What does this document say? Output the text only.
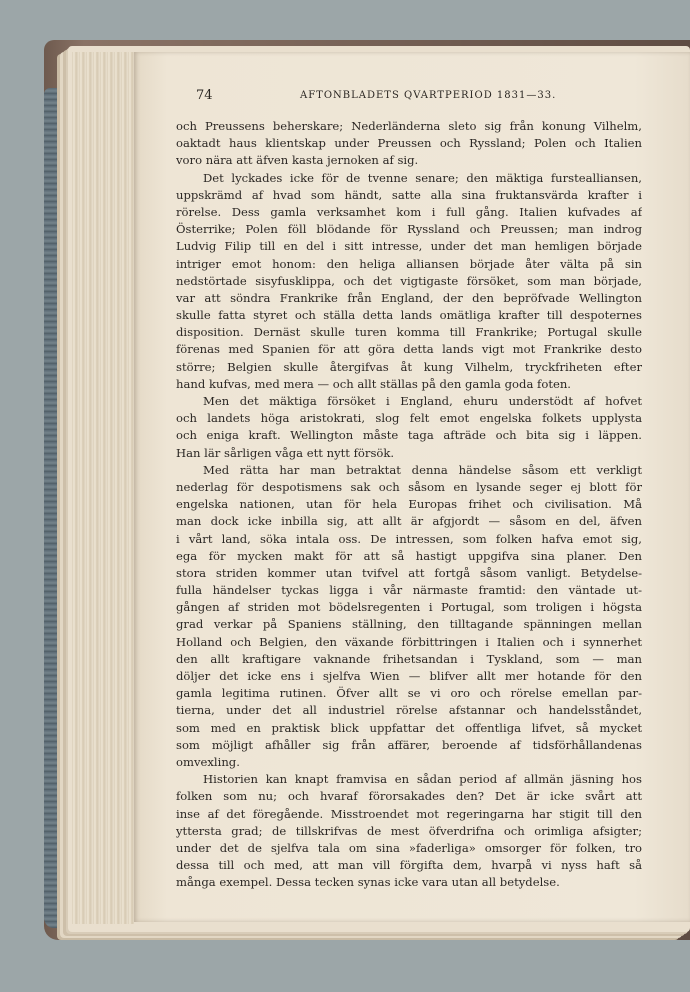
74	AFTONBLADETS QVARTPERIOD 1831—33.
och Preussens beherskare; Nederländerna sleto sig från konung Vilhelm,
oaktadt haus klientskap under Preussen och Ryssland; Polen och Italien
voro nära att äfven kasta jernoken af sig.
Det lyckades icke för de tvenne senare; den mäktiga furstealliansen,
uppskrämd af hvad som händt, satte alla sina fruktansvärda krafter i
rörelse. Dess gamla verksamhet kom i full gång. Italien kufvades af
Österrike; Polen föll blödande för Ryssland och Preussen; man indrog
Ludvig Filip till en del i sitt intresse, under det man hemligen började
intriger emot honom: den heliga alliansen började åter välta på sin
nedstörtade sisyfusklippa, och det vigtigaste försöket, som man började,
var att söndra Frankrike från England, der den bepröfvade Wellington
skulle fatta styret och ställa detta lands omätliga krafter till despoternes
disposition. Dernäst skulle turen komma till Frankrike; Portugal skulle
förenas med Spanien för att göra detta lands vigt mot Frankrike desto
större; Belgien skulle återgifvas åt kung Vilhelm, tryckfriheten efter
hand kufvas, med mera — och allt ställas på den gamla goda foten.
Men det mäktiga försöket i England, ehuru understödt af hofvet
och landets höga aristokrati, slog felt emot engelska folkets upplysta
och eniga kraft. Wellington måste taga afträde och bita sig i läppen.
Han lär sårligen våga ett nytt försök.
Med rätta har man betraktat denna händelse såsom ett verkligt
nederlag för despotismens sak och såsom en lysande seger ej blott för
engelska nationen, utan för hela Europas frihet och civilisation. Må
man dock icke inbilla sig, att allt är afgjordt — såsom en del, äfven
i vårt land, söka intala oss. De intressen, som folken hafva emot sig,
ega för mycken makt för att så hastigt uppgifva sina planer. Den
stora striden kommer utan tvifvel att fortgå såsom vanligt. Betydelse-
fulla händelser tyckas ligga i vår närmaste framtid: den väntade ut-
gången af striden mot bödelsregenten i Portugal, som troligen i högsta
grad verkar på Spaniens ställning, den tilltagande spänningen mellan
Holland och Belgien, den växande förbittringen i Italien och i synnerhet
den allt kraftigare vaknande frihetsandan i Tyskland, som — man
döljer det icke ens i sjelfva Wien — blifver allt mer hotande för den
gamla legitima rutinen. Öfver allt se vi oro och rörelse emellan par-
tierna, under det all industriel rörelse afstannar och handelsståndet,
som med en praktisk blick uppfattar det offentliga lifvet, så mycket
som möjligt afhåller sig från affärer, beroende af tidsförhållandenas
omvexling.
Historien kan knapt framvisa en sådan period af allmän jäsning hos
folken som nu; och hvaraf förorsakades den? Det är icke svårt att
inse af det föregående. Misstroendet mot regeringarna har stigit till den
yttersta grad; de tillskrifvas de mest öfverdrifna och orimliga afsigter;
under det de sjelfva tala om sina »faderliga» omsorger för folken, tro
dessa till och med, att man vill förgifta dem, hvarpå vi nyss haft så
många exempel. Dessa tecken synas icke vara utan all betydelse.
